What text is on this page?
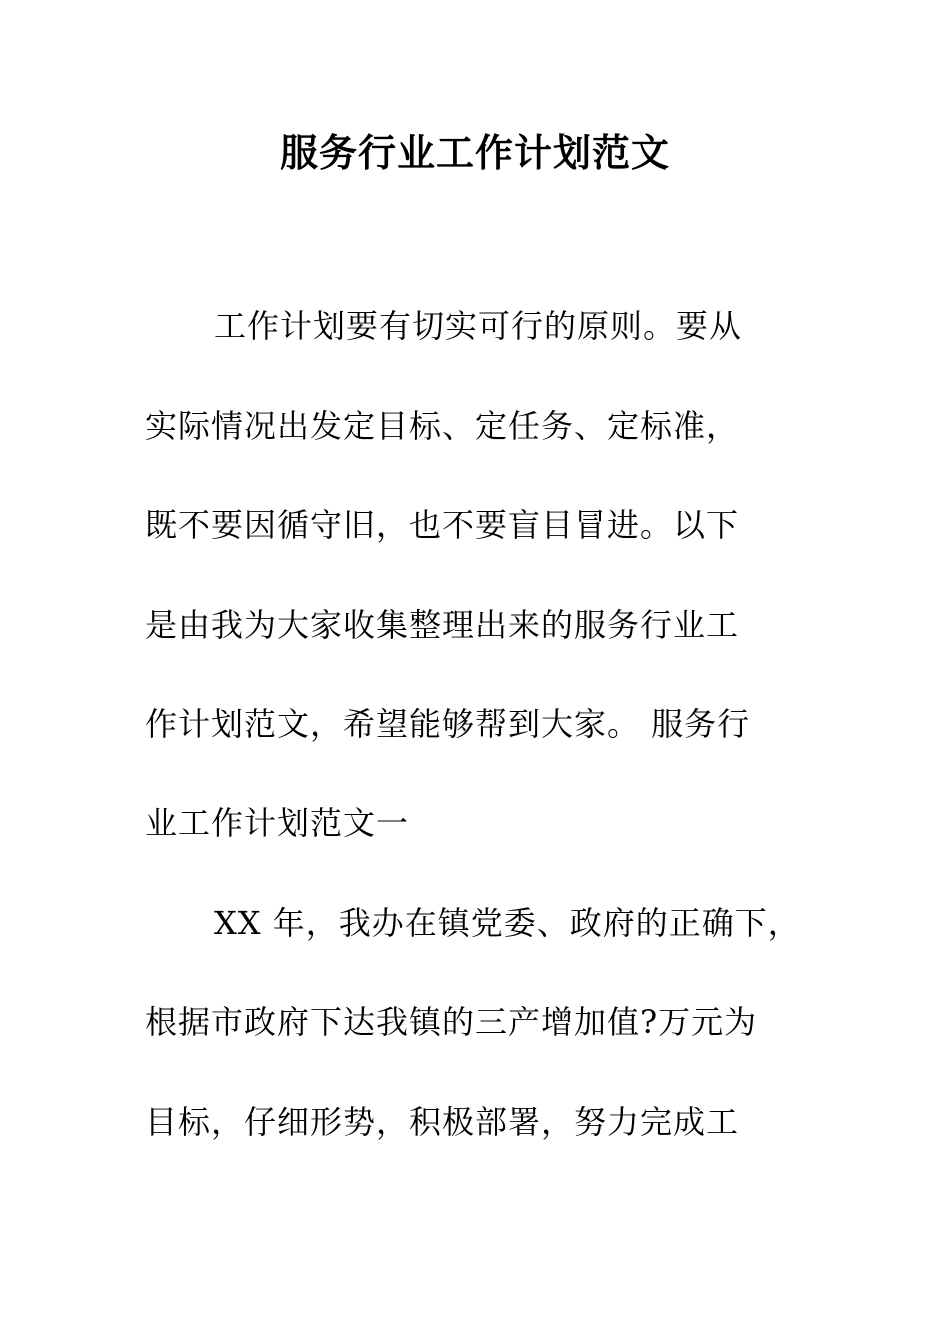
服务行业工作计划范文
工作计划要有切实可行的原则。要从
实际情况出发定目标、定任务、定标准，
既不要因循守旧，也不要盲目冒进。以下
是由我为大家收集整理出来的服务行业工
作计划范文，希望能够帮到大家。 服务行
业工作计划范文一
XX 年，我办在镇党委、政府的正确下，
根据市政府下达我镇的三产增加值?万元为
目标，仔细形势，积极部署，努力完成工
